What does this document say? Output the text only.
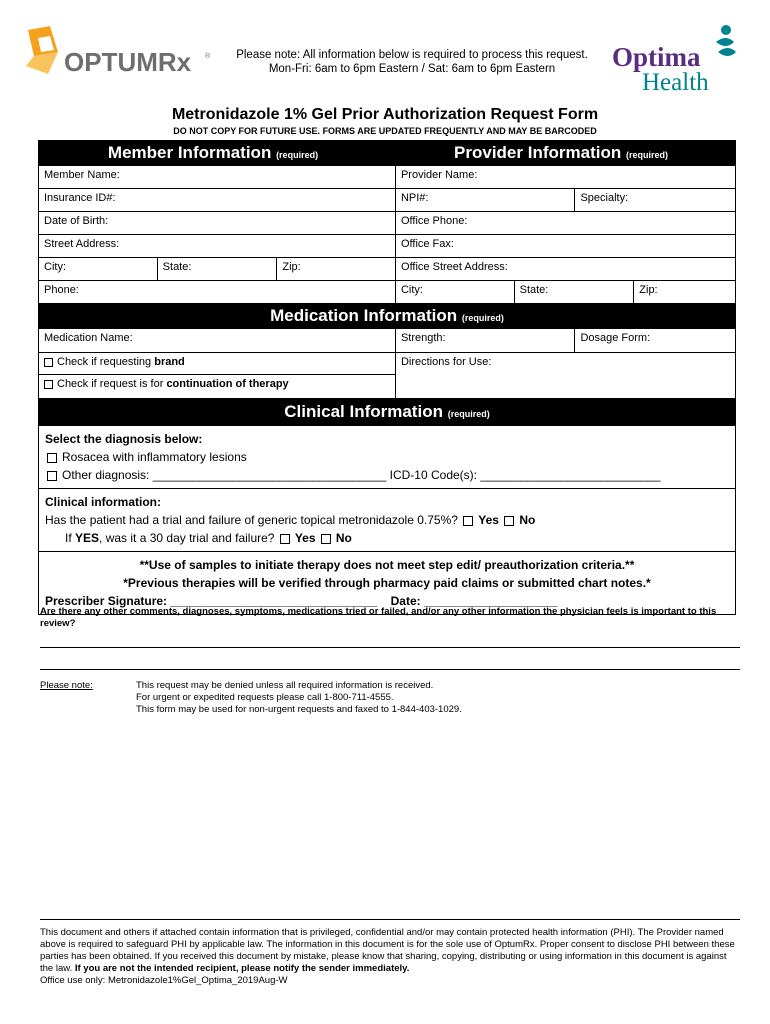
OPTUMRx ®	Please note: All information below is required to process this request.
Mon-Fri: 6am to 6pm Eastern / Sat: 6am to 6pm Eastern	Optima
Health
Metronidazole 1% Gel Prior Authorization Request Form
DO NOT COPY FOR FUTURE USE. FORMS ARE UPDATED FREQUENTLY AND MAY BE BARCODED
Member Information (required)	Provider Information (required)
Member Name:	Provider Name:
Insurance ID#:	NPI#:	Specialty:
Date of Birth:	Office Phone:
Street Address:	Office Fax:
City:	State:	Zip:	Office Street Address:
Phone:	City:	State:	Zip:
Medication Information (required)
Medication Name:	Strength:	Dosage Form:
Check if requesting brand
Check if request is for continuation of therapy
Directions for Use:
Clinical Information (required)
Select the diagnosis below:
Rosacea with inflammatory lesions
Other diagnosis: ___________________________________ ICD-10 Code(s): ___________________________
Clinical information:
Has the patient had a trial and failure of generic topical metronidazole 0.75%? Yes No
If YES, was it a 30 day trial and failure? Yes No
**Use of samples to initiate therapy does not meet step edit/ preauthorization criteria.**
*Previous therapies will be verified through pharmacy paid claims or submitted chart notes.*
Prescriber Signature: _______________________________ Date: ____________________
Are there any other comments, diagnoses, symptoms, medications tried or failed, and/or any other information the physician feels is important to this review?
Please note:	This request may be denied unless all required information is received.
For urgent or expedited requests please call 1-800-711-4555.
This form may be used for non-urgent requests and faxed to 1-844-403-1029.
This document and others if attached contain information that is privileged, confidential and/or may contain protected health information (PHI). The Provider named above is required to safeguard PHI by applicable law. The information in this document is for the sole use of OptumRx. Proper consent to disclose PHI between these parties has been obtained. If you received this document by mistake, please know that sharing, copying, distributing or using information in this document is against the law. If you are not the intended recipient, please notify the sender immediately.
Office use only: Metronidazole1%Gel_Optima_2019Aug-W
